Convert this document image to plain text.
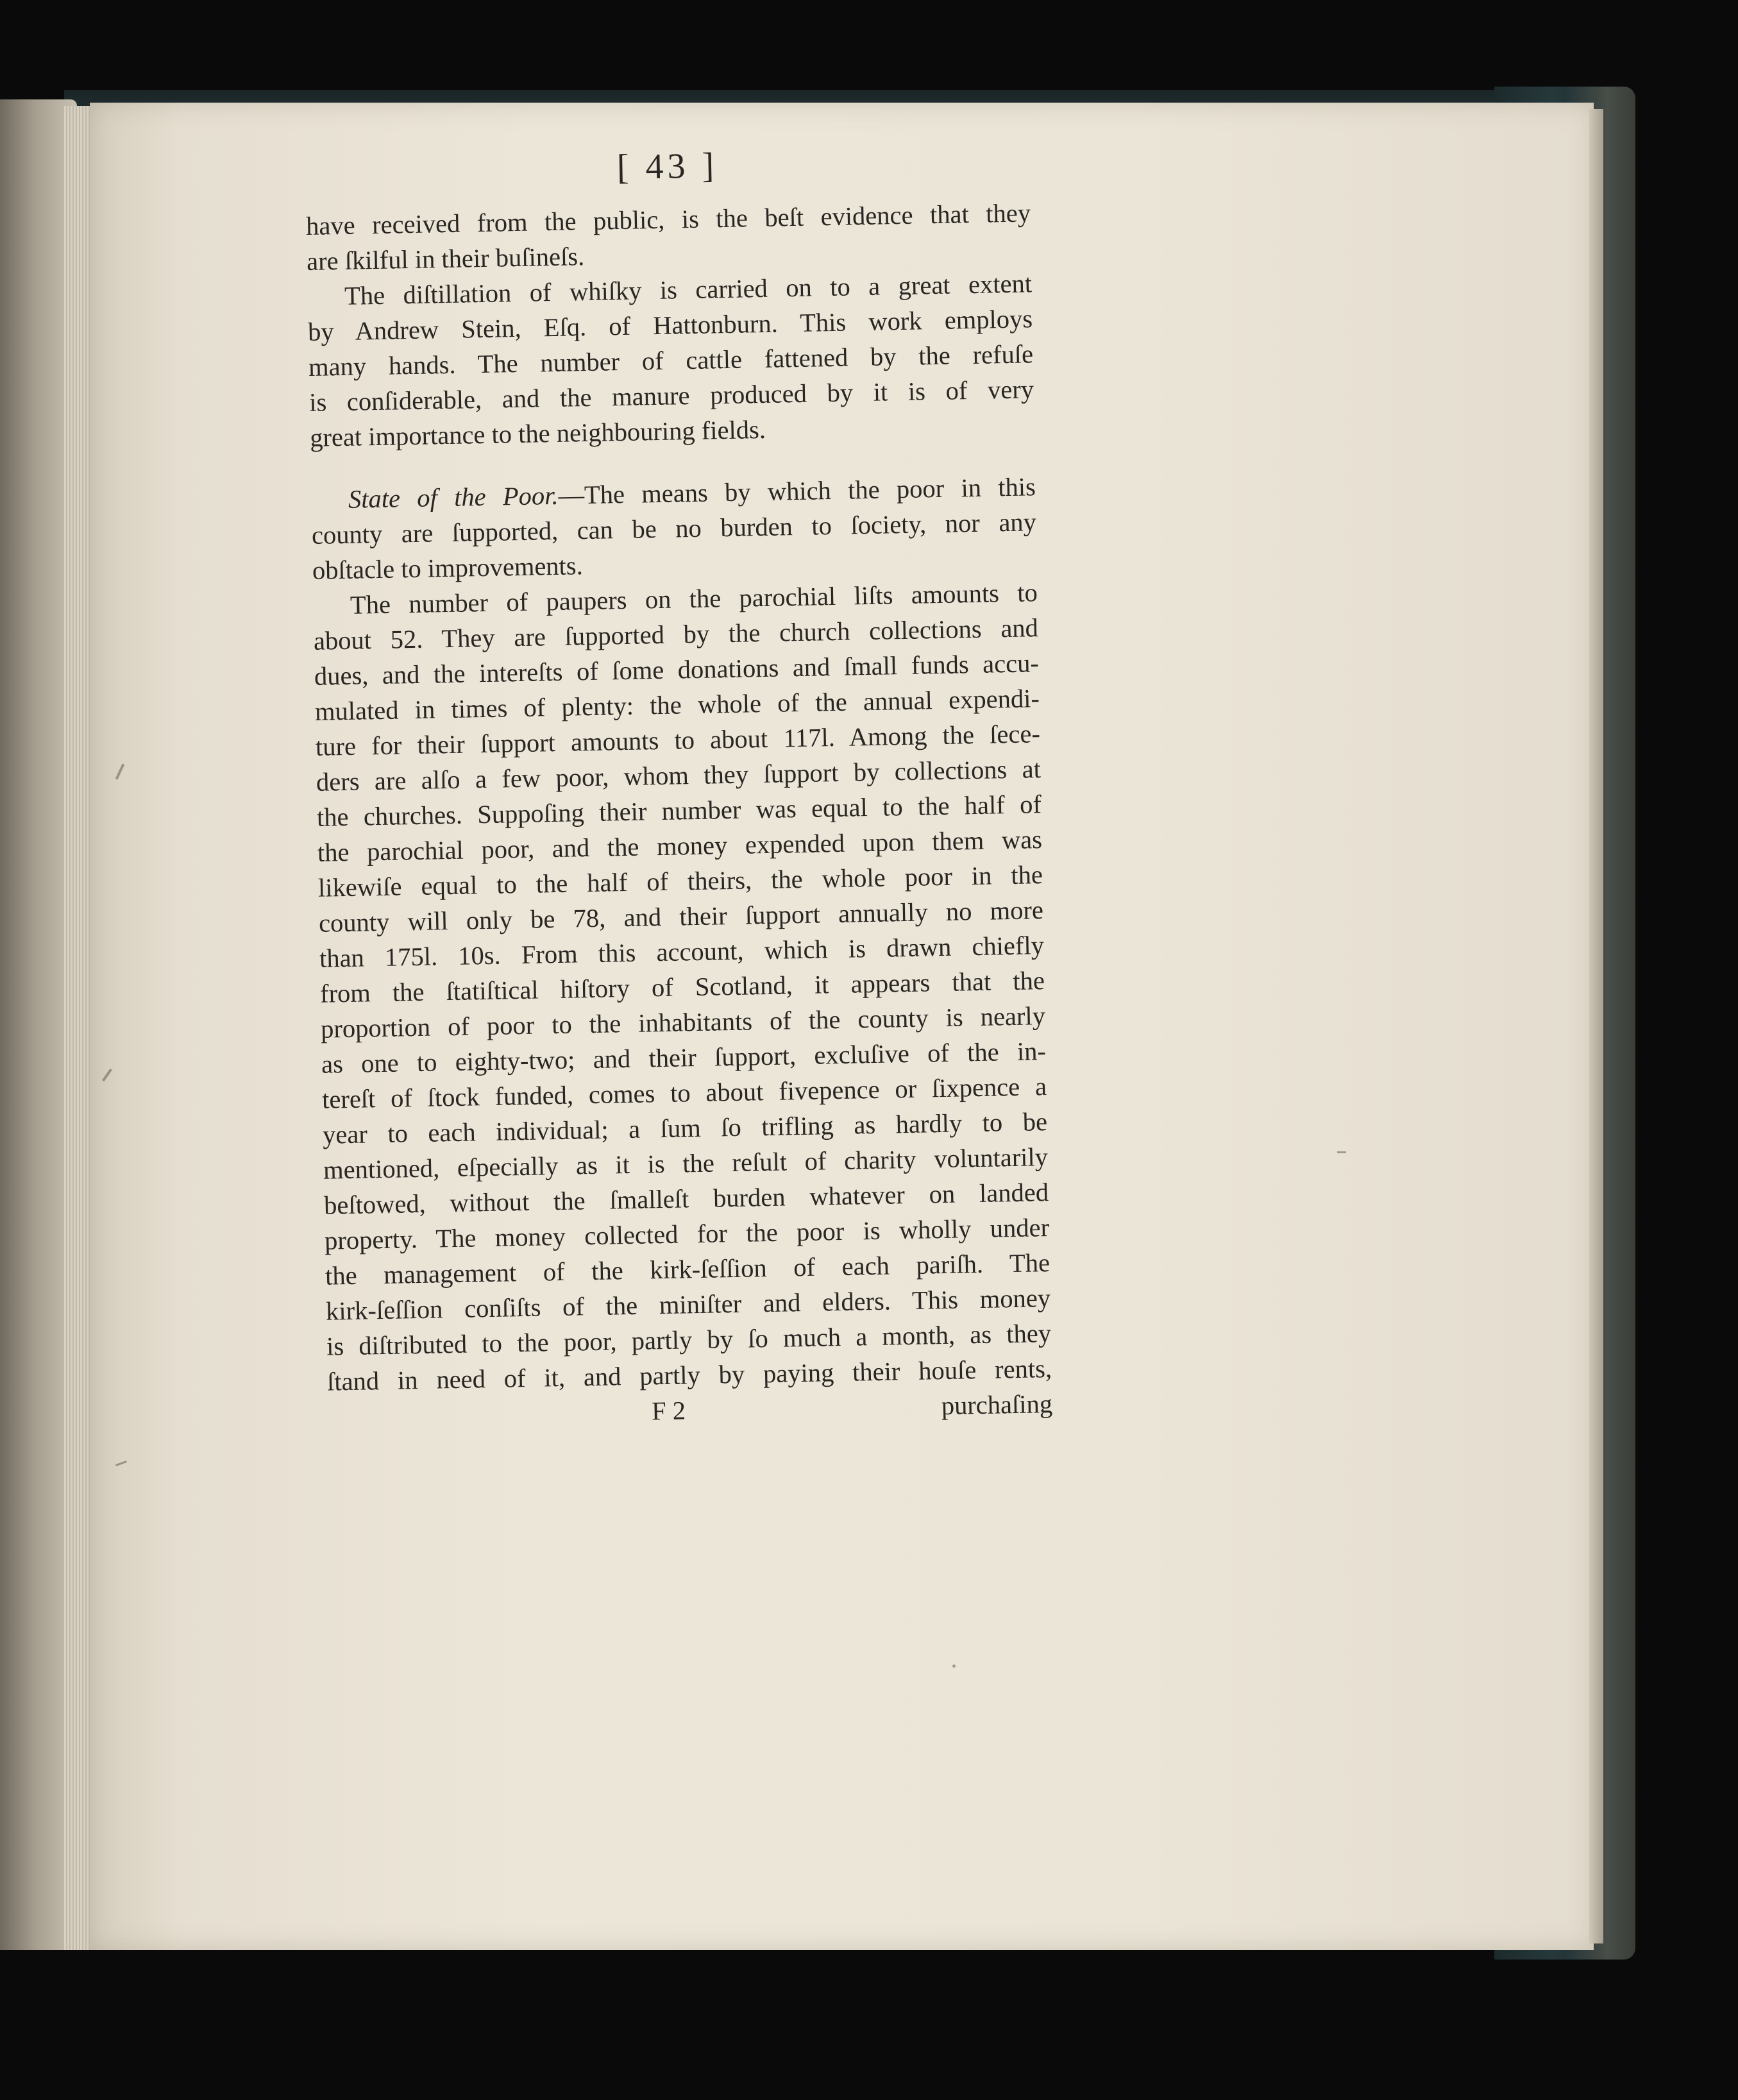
[ 43 ]
have received from the public, is the beſt evidence that they
are ſkilful in their buſineſs.
The diſtillation of whiſky is carried on to a great extent
by Andrew Stein, Eſq. of Hattonburn. This work employs
many hands. The number of cattle fattened by the refuſe
is conſiderable, and the manure produced by it is of very
great importance to the neighbouring fields.
State of the Poor.—The means by which the poor in this
county are ſupported, can be no burden to ſociety, nor any
obſtacle to improvements.
The number of paupers on the parochial liſts amounts to
about 52. They are ſupported by the church collections and
dues, and the intereſts of ſome donations and ſmall funds accu-
mulated in times of plenty: the whole of the annual expendi-
ture for their ſupport amounts to about 117l. Among the ſece-
ders are alſo a few poor, whom they ſupport by collections at
the churches. Suppoſing their number was equal to the half of
the parochial poor, and the money expended upon them was
likewiſe equal to the half of theirs, the whole poor in the
county will only be 78, and their ſupport annually no more
than 175l. 10s. From this account, which is drawn chiefly
from the ſtatiſtical hiſtory of Scotland, it appears that the
proportion of poor to the inhabitants of the county is nearly
as one to eighty-two; and their ſupport, excluſive of the in-
tereſt of ſtock funded, comes to about fivepence or ſixpence a
year to each individual; a ſum ſo trifling as hardly to be
mentioned, eſpecially as it is the reſult of charity voluntarily
beſtowed, without the ſmalleſt burden whatever on landed
property. The money collected for the poor is wholly under
the management of the kirk-ſeſſion of each pariſh. The
kirk-ſeſſion conſiſts of the miniſter and elders. This money
is diſtributed to the poor, partly by ſo much a month, as they
ſtand in need of it, and partly by paying their houſe rents,
F 2	purchaſing
